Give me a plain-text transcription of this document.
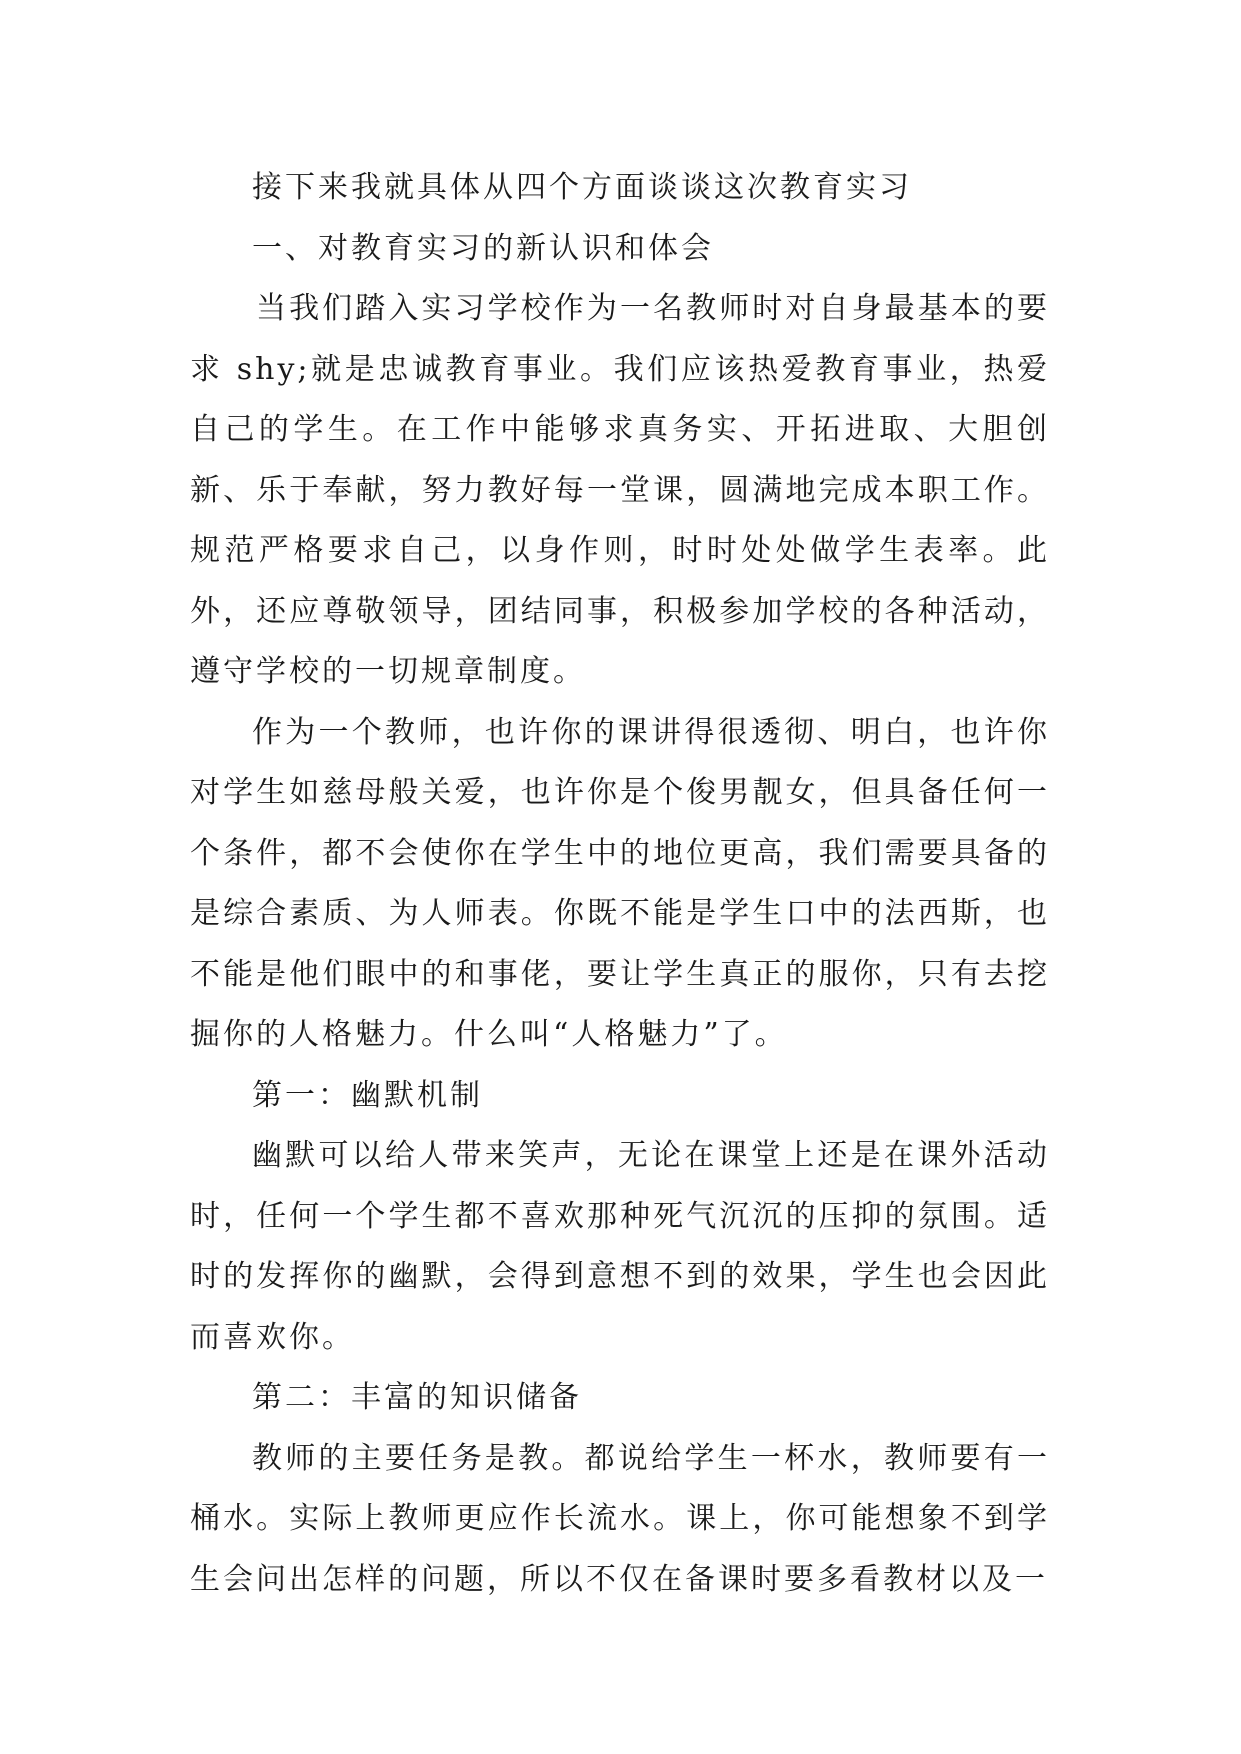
接下来我就具体从四个方面谈谈这次教育实习

一、对教育实习的新认识和体会

当我们踏入实习学校作为一名教师时对自身最基本的要求 shy;就是忠诚教育事业。我们应该热爱教育事业，热爱自己的学生。在工作中能够求真务实、开拓进取、大胆创新、乐于奉献，努力教好每一堂课，圆满地完成本职工作。规范严格要求自己，以身作则，时时处处做学生表率。此外，还应尊敬领导，团结同事，积极参加学校的各种活动，遵守学校的一切规章制度。

作为一个教师，也许你的课讲得很透彻、明白，也许你对学生如慈母般关爱，也许你是个俊男靓女，但具备任何一个条件，都不会使你在学生中的地位更高，我们需要具备的是综合素质、为人师表。你既不能是学生口中的法西斯，也不能是他们眼中的和事佬，要让学生真正的服你，只有去挖掘你的人格魅力。什么叫“人格魅力”了。

第一：幽默机制

幽默可以给人带来笑声，无论在课堂上还是在课外活动时，任何一个学生都不喜欢那种死气沉沉的压抑的氛围。适时的发挥你的幽默，会得到意想不到的效果，学生也会因此而喜欢你。

第二：丰富的知识储备

教师的主要任务是教。都说给学生一杯水，教师要有一桶水。实际上教师更应作长流水。课上，你可能想象不到学生会问出怎样的问题，所以不仅在备课时要多看教材以及一
